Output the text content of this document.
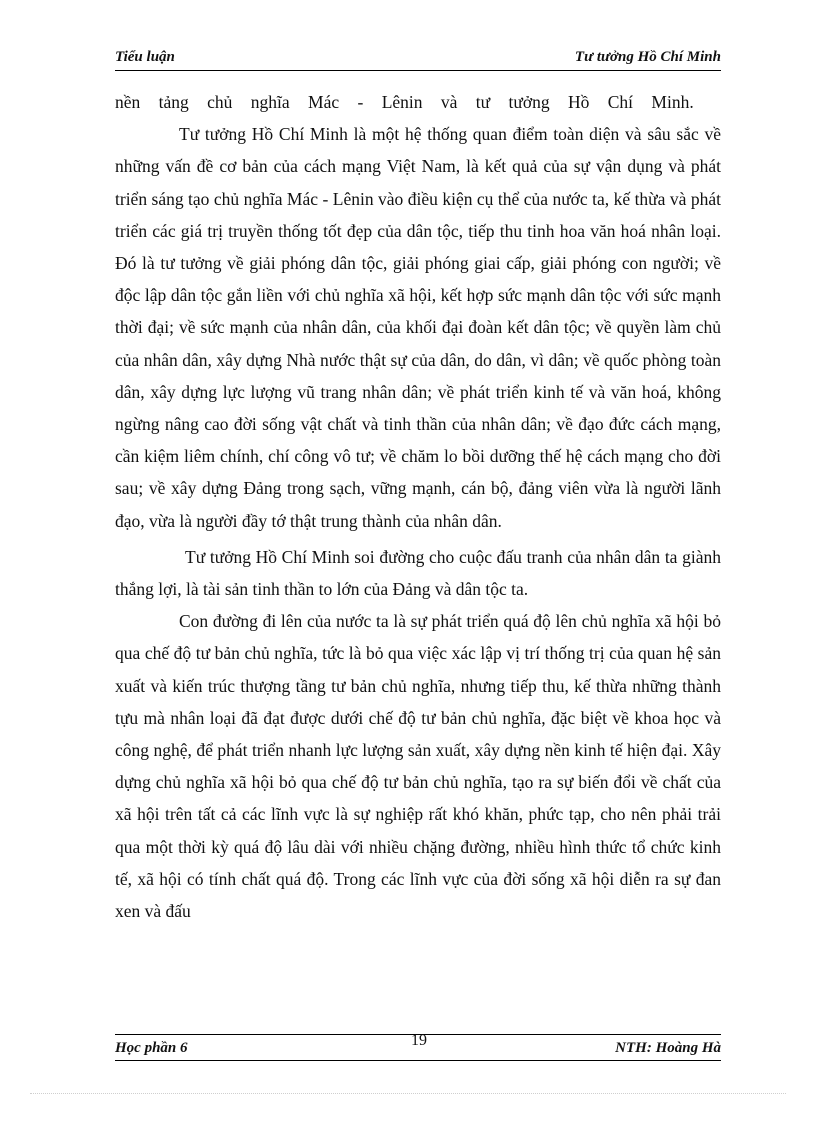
Tiểu luận	Tư tưởng Hồ Chí Minh

nền tảng chủ nghĩa Mác - Lênin và tư tưởng Hồ Chí Minh.

Tư tưởng Hồ Chí Minh là một hệ thống quan điểm toàn diện và sâu sắc về những vấn đề cơ bản của cách mạng Việt Nam, là kết quả của sự vận dụng và phát triển sáng tạo chủ nghĩa Mác - Lênin vào điều kiện cụ thể của nước ta, kế thừa và phát triển các giá trị truyền thống tốt đẹp của dân tộc, tiếp thu tinh hoa văn hoá nhân loại. Đó là tư tưởng về giải phóng dân tộc, giải phóng giai cấp, giải phóng con người; về độc lập dân tộc gắn liền với chủ nghĩa xã hội, kết hợp sức mạnh dân tộc với sức mạnh thời đại; về sức mạnh của nhân dân, của khối đại đoàn kết dân tộc; về quyền làm chủ của nhân dân, xây dựng Nhà nước thật sự của dân, do dân, vì dân; về quốc phòng toàn dân, xây dựng lực lượng vũ trang nhân dân; về phát triển kinh tế và văn hoá, không ngừng nâng cao đời sống vật chất và tinh thần của nhân dân; về đạo đức cách mạng, cần kiệm liêm chính, chí công vô tư; về chăm lo bồi dưỡng thế hệ cách mạng cho đời sau; về xây dựng Đảng trong sạch, vững mạnh, cán bộ, đảng viên vừa là người lãnh đạo, vừa là người đầy tớ thật trung thành của nhân dân.

Tư tưởng Hồ Chí Minh soi đường cho cuộc đấu tranh của nhân dân ta giành thắng lợi, là tài sản tinh thần to lớn của Đảng và dân tộc ta.

Con đường đi lên của nước ta là sự phát triển quá độ lên chủ nghĩa xã hội bỏ qua chế độ tư bản chủ nghĩa, tức là bỏ qua việc xác lập vị trí thống trị của quan hệ sản xuất và kiến trúc thượng tầng tư bản chủ nghĩa, nhưng tiếp thu, kế thừa những thành tựu mà nhân loại đã đạt được dưới chế độ tư bản chủ nghĩa, đặc biệt về khoa học và công nghệ, để phát triển nhanh lực lượng sản xuất, xây dựng nền kinh tế hiện đại. Xây dựng chủ nghĩa xã hội bỏ qua chế độ tư bản chủ nghĩa, tạo ra sự biến đổi về chất của xã hội trên tất cả các lĩnh vực là sự nghiệp rất khó khăn, phức tạp, cho nên phải trải qua một thời kỳ quá độ lâu dài với nhiều chặng đường, nhiều hình thức tổ chức kinh tế, xã hội có tính chất quá độ. Trong các lĩnh vực của đời sống xã hội diễn ra sự đan xen và đấu

Học phần 6	19	NTH: Hoàng Hà
